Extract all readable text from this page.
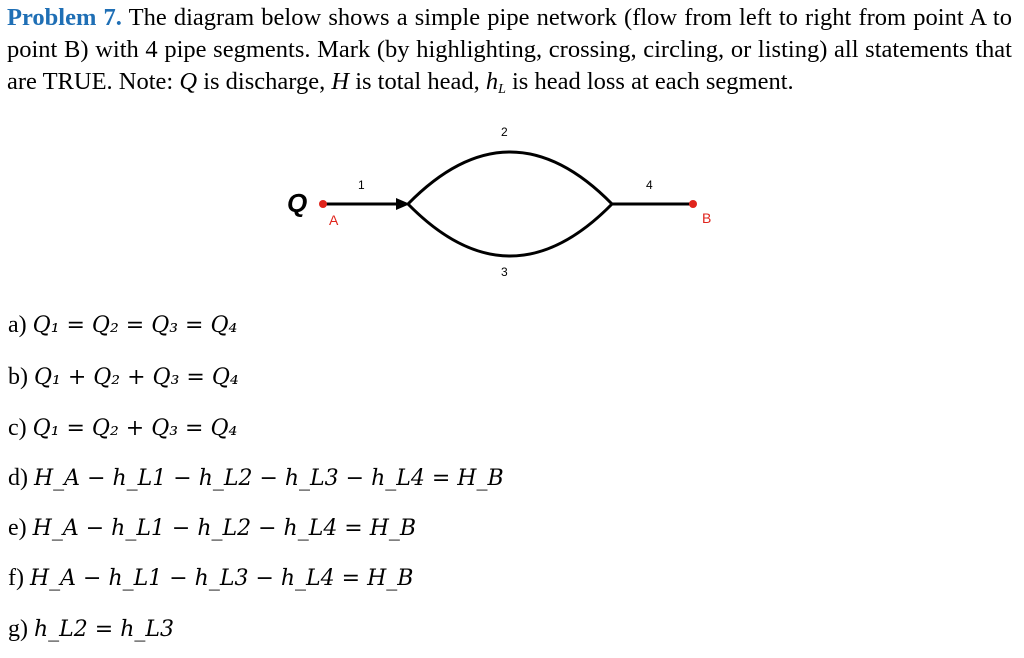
Problem 7. The diagram below shows a simple pipe network (flow from left to right from point A to point B) with 4 pipe segments. Mark (by highlighting, crossing, circling, or listing) all statements that are TRUE. Note: Q is discharge, H is total head, $h_L$ is head loss at each segment.
Q
A	B
1
2
3
4
a) Q₁ = Q₂ = Q₃ = Q₄
b) Q₁ + Q₂ + Q₃ = Q₄
c) Q₁ = Q₂ + Q₃ = Q₄
d) H_A − h_L1 − h_L2 − h_L3 − h_L4 = H_B
e) H_A − h_L1 − h_L2 − h_L4 = H_B
f) H_A − h_L1 − h_L3 − h_L4 = H_B
g) h_L2 = h_L3
